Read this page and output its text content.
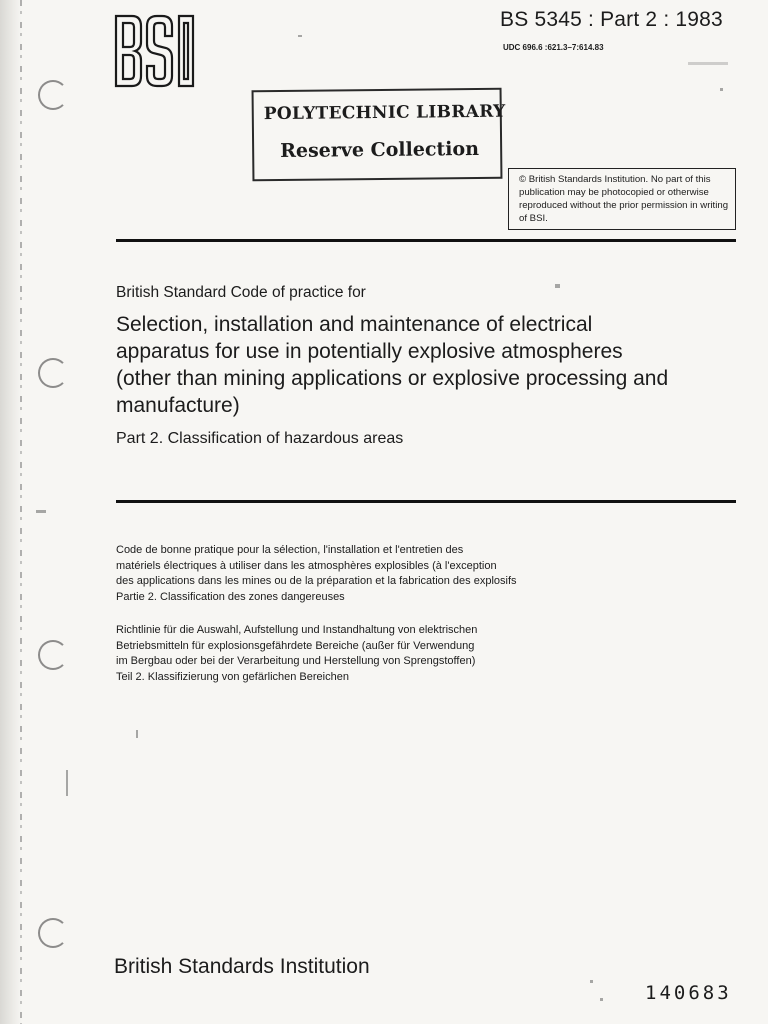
BS 5345 : Part 2 : 1983
UDC 696.6 :621.3–7:614.83
POLYTECHNIC LIBRARY
Reserve Collection
© British Standards Institution. No part of this publication may be photocopied or otherwise reproduced without the prior permission in writing of BSI.
British Standard Code of practice for
Selection, installation and maintenance of electrical apparatus for use in potentially explosive atmospheres (other than mining applications or explosive processing and manufacture)
Part 2. Classification of hazardous areas
Code de bonne pratique pour la sélection, l'installation et l'entretien des
matériels électriques à utiliser dans les atmosphères explosibles (à l'exception
des applications dans les mines ou de la préparation et la fabrication des explosifs
Partie 2. Classification des zones dangereuses
Richtlinie für die Auswahl, Aufstellung und Instandhaltung von elektrischen
Betriebsmitteln für explosionsgefährdete Bereiche (außer für Verwendung
im Bergbau oder bei der Verarbeitung und Herstellung von Sprengstoffen)
Teil 2. Klassifizierung von gefärlichen Bereichen
British Standards Institution
140683
